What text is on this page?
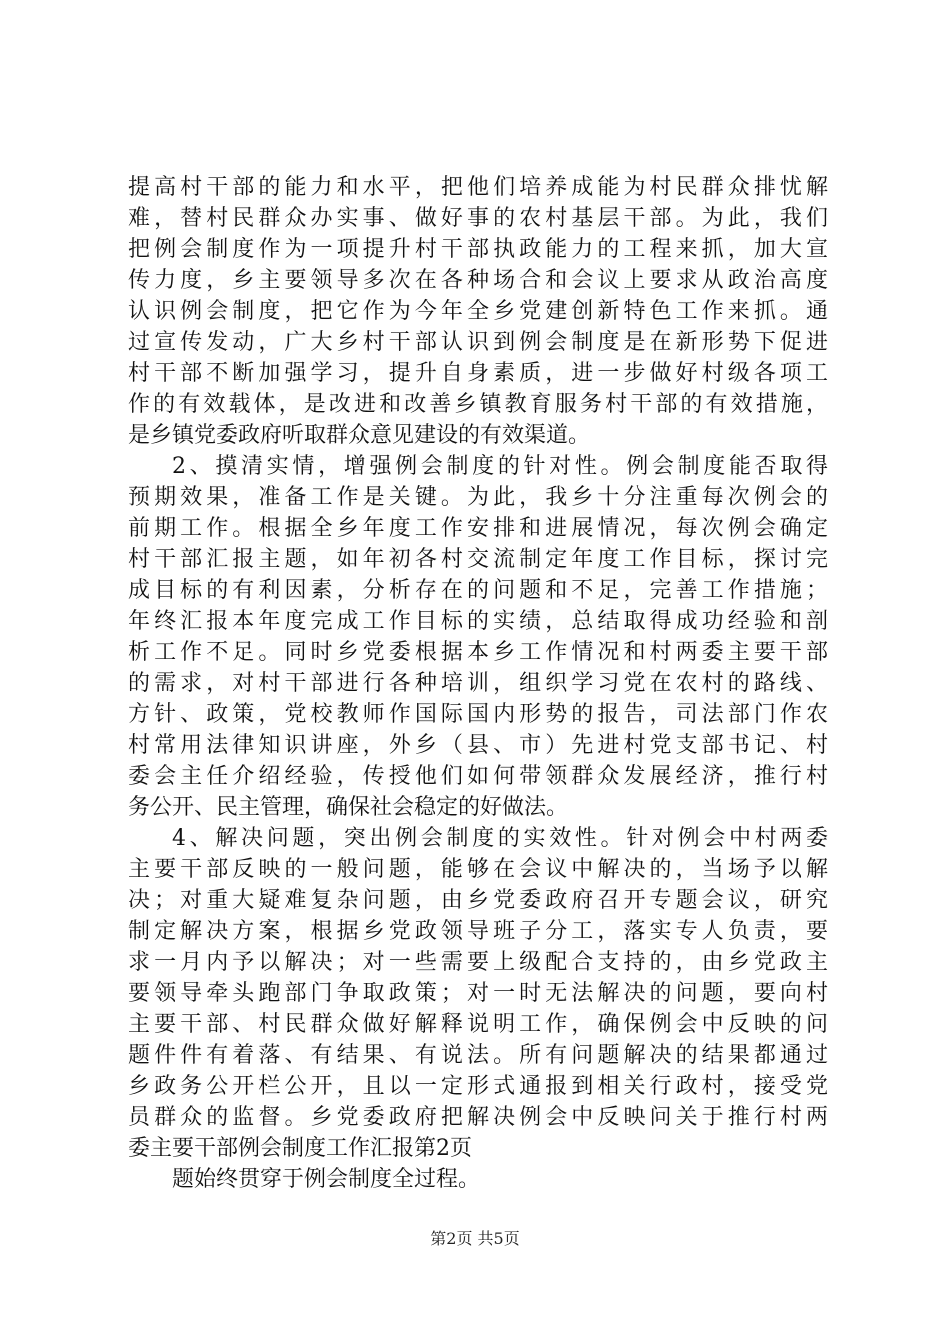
提高村干部的能力和水平，把他们培养成能为村民群众排忧解
难，替村民群众办实事、做好事的农村基层干部。为此，我们
把例会制度作为一项提升村干部执政能力的工程来抓，加大宣
传力度，乡主要领导多次在各种场合和会议上要求从政治高度
认识例会制度，把它作为今年全乡党建创新特色工作来抓。通
过宣传发动，广大乡村干部认识到例会制度是在新形势下促进
村干部不断加强学习，提升自身素质，进一步做好村级各项工
作的有效载体，是改进和改善乡镇教育服务村干部的有效措施，
是乡镇党委政府听取群众意见建设的有效渠道。
2、摸清实情，增强例会制度的针对性。例会制度能否取得
预期效果，准备工作是关键。为此，我乡十分注重每次例会的
前期工作。根据全乡年度工作安排和进展情况，每次例会确定
村干部汇报主题，如年初各村交流制定年度工作目标，探讨完
成目标的有利因素，分析存在的问题和不足，完善工作措施；
年终汇报本年度完成工作目标的实绩，总结取得成功经验和剖
析工作不足。同时乡党委根据本乡工作情况和村两委主要干部
的需求，对村干部进行各种培训，组织学习党在农村的路线、
方针、政策，党校教师作国际国内形势的报告，司法部门作农
村常用法律知识讲座，外乡（县、市）先进村党支部书记、村
委会主任介绍经验，传授他们如何带领群众发展经济，推行村
务公开、民主管理，确保社会稳定的好做法。
4、解决问题，突出例会制度的实效性。针对例会中村两委
主要干部反映的一般问题，能够在会议中解决的，当场予以解
决；对重大疑难复杂问题，由乡党委政府召开专题会议，研究
制定解决方案，根据乡党政领导班子分工，落实专人负责，要
求一月内予以解决；对一些需要上级配合支持的，由乡党政主
要领导牵头跑部门争取政策；对一时无法解决的问题，要向村
主要干部、村民群众做好解释说明工作，确保例会中反映的问
题件件有着落、有结果、有说法。所有问题解决的结果都通过
乡政务公开栏公开，且以一定形式通报到相关行政村，接受党
员群众的监督。乡党委政府把解决例会中反映问关于推行村两
委主要干部例会制度工作汇报第2页
题始终贯穿于例会制度全过程。
第2页 共5页
